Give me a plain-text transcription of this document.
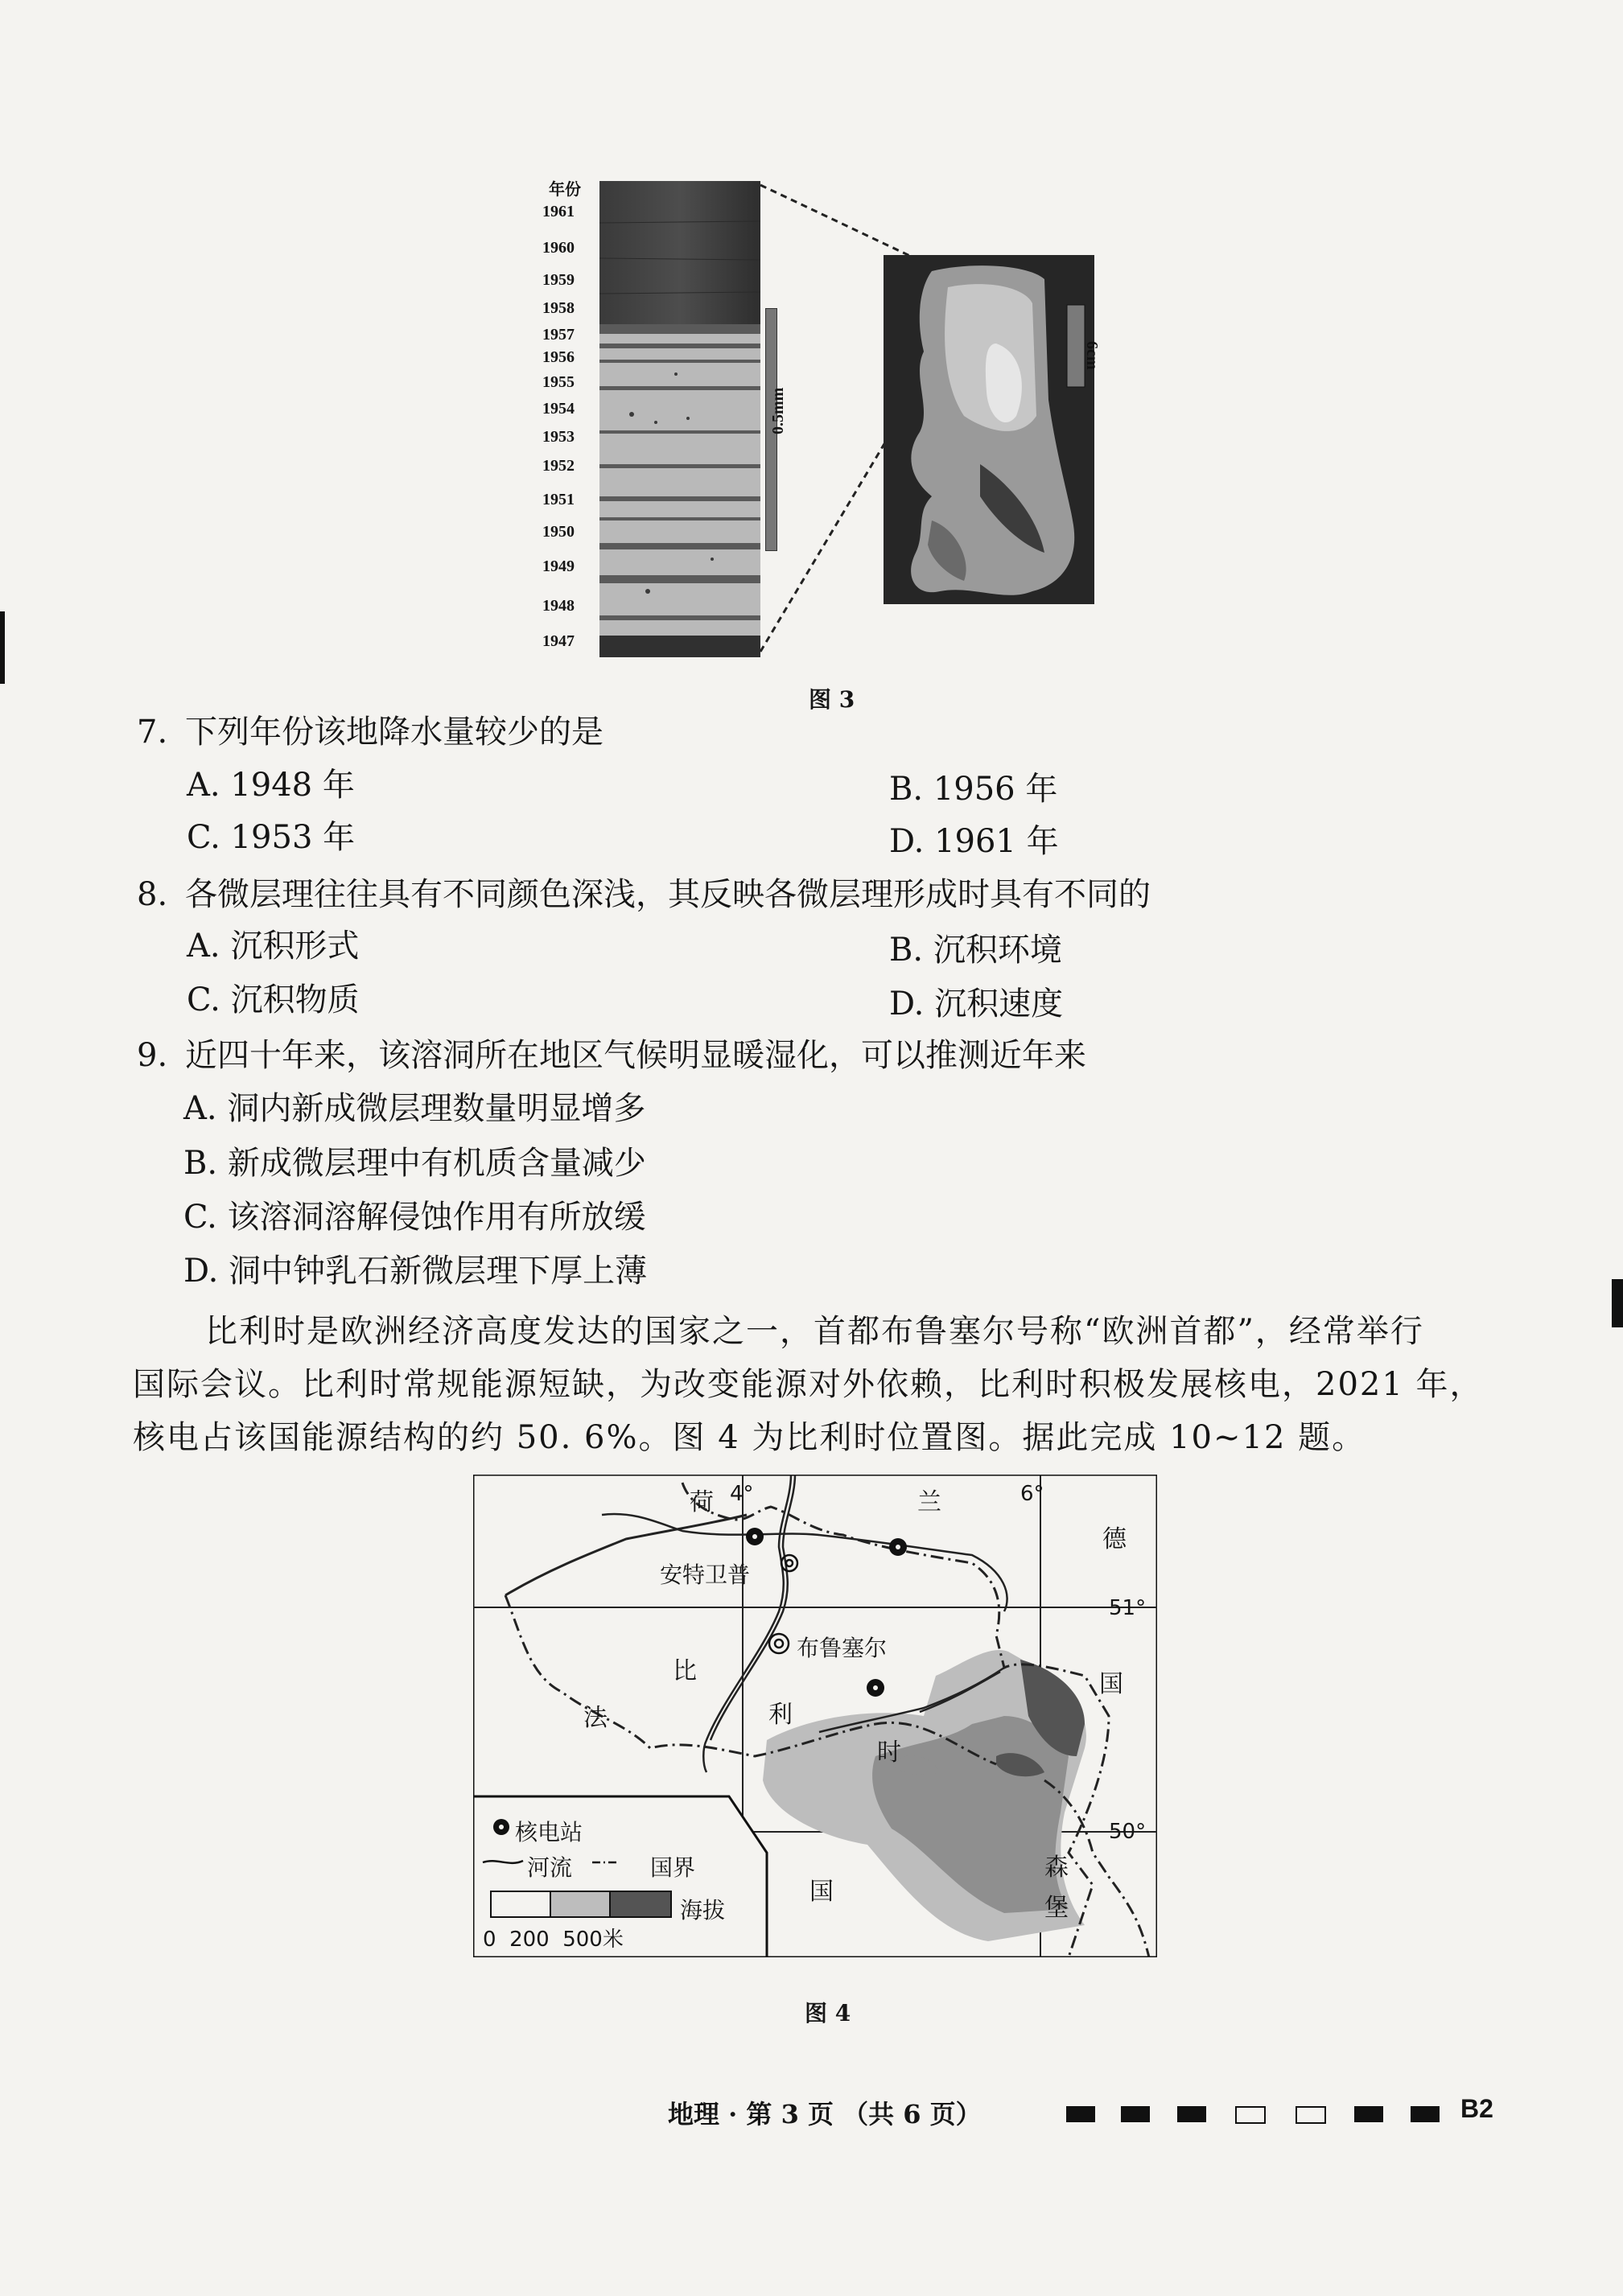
年份
1961
1960
1959
1958
1957
1956
1955
1954
1953
1952
1951
1950
1949
1948
1947
0.5mm
6cm
图 3
7. 下列年份该地降水量较少的是
A. 1948 年	B. 1956 年
C. 1953 年	D. 1961 年
8. 各微层理往往具有不同颜色深浅，其反映各微层理形成时具有不同的
A. 沉积形式	B. 沉积环境
C. 沉积物质	D. 沉积速度
9. 近四十年来，该溶洞所在地区气候明显暖湿化，可以推测近年来
A. 洞内新成微层理数量明显增多
B. 新成微层理中有机质含量减少
C. 该溶洞溶解侵蚀作用有所放缓
D. 洞中钟乳石新微层理下厚上薄
比利时是欧洲经济高度发达的国家之一，首都布鲁塞尔号称“欧洲首都”，经常举行
国际会议。比利时常规能源短缺，为改变能源对外依赖，比利时积极发展核电，2021 年，
核电占该国能源结构的约 50. 6%。图 4 为比利时位置图。据此完成 10~12 题。
荷 4°	兰	6°
德
安特卫普
51°
布鲁塞尔
比	国
法	利
时
50°
森
国
堡
核电站
河流	国界
海拔
0  200  500米
图 4
地理 · 第 3 页 （共 6 页）	B2
